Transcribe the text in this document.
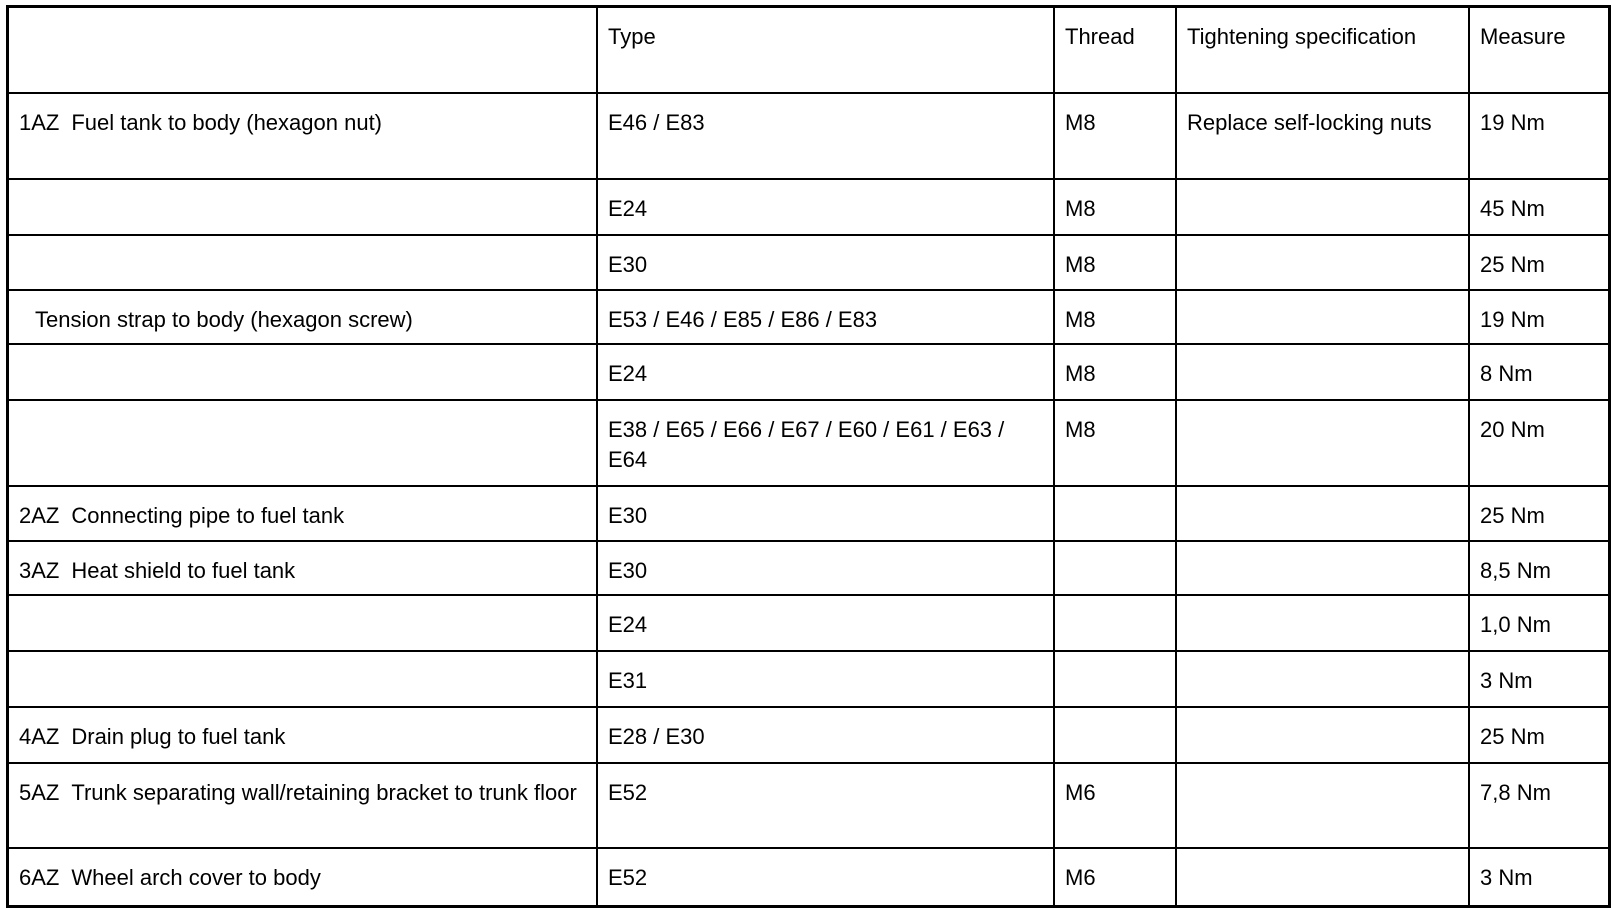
	Type	Thread	Tightening specification	Measure
1AZ Fuel tank to body (hexagon nut)	E46 / E83	M8	Replace self-locking nuts	19 Nm
	E24	M8		45 Nm
	E30	M8		25 Nm
Tension strap to body (hexagon screw)	E53 / E46 / E85 / E86 / E83	M8		19 Nm
	E24	M8		8 Nm
	E38 / E65 / E66 / E67 / E60 / E61 / E63 / E64	M8		20 Nm
2AZ Connecting pipe to fuel tank	E30			25 Nm
3AZ Heat shield to fuel tank	E30			8,5 Nm
	E24			1,0 Nm
	E31			3 Nm
4AZ Drain plug to fuel tank	E28 / E30			25 Nm
5AZ Trunk separating wall/retaining bracket to trunk floor	E52	M6		7,8 Nm
6AZ Wheel arch cover to body	E52	M6		3 Nm
